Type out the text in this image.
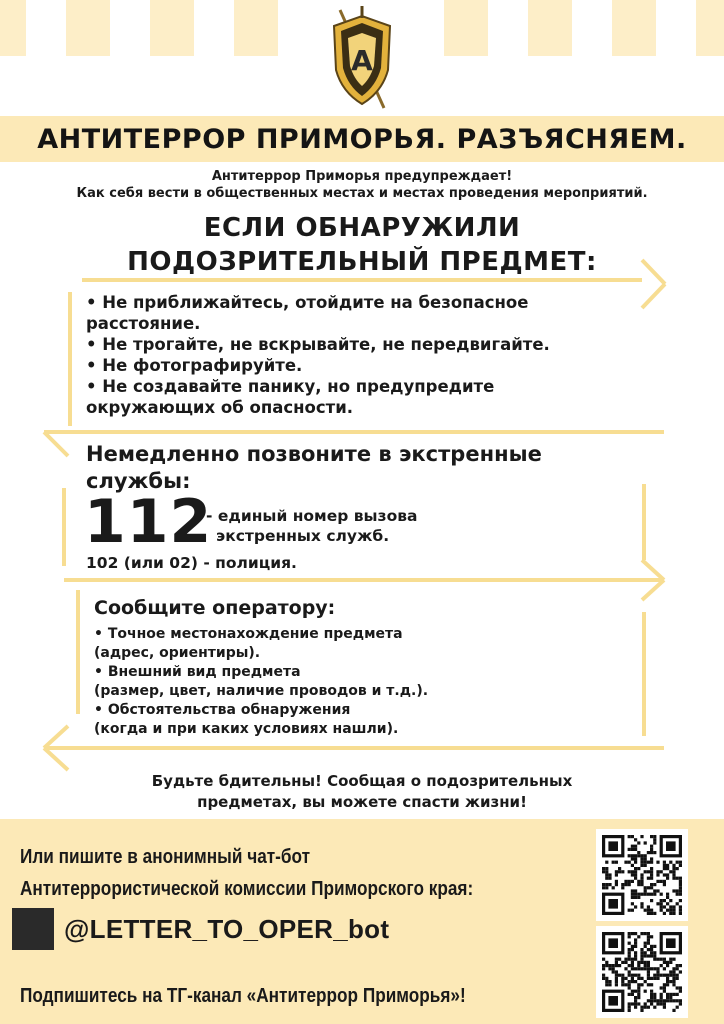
A
АНТИТЕРРОР ПРИМОРЬЯ. РАЗЪЯСНЯЕМ.
Антитеррор Приморья предупреждает!
Как себя вести в общественных местах и местах проведения мероприятий.
ЕСЛИ ОБНАРУЖИЛИ
ПОДОЗРИТЕЛЬНЫЙ ПРЕДМЕТ:
• Не приближайтесь, отойдите на безопасное
расстояние.
• Не трогайте, не вскрывайте, не передвигайте.
• Не фотографируйте.
• Не создавайте панику, но предупредите
окружающих об опасности.
Немедленно позвоните в экстренные
службы:
112
- единый номер вызова
экстренных служб.
102 (или 02) - полиция.
Сообщите оператору:
• Точное местонахождение предмета
(адрес, ориентиры).
• Внешний вид предмета
(размер, цвет, наличие проводов и т.д.).
• Обстоятельства обнаружения
(когда и при каких условиях нашли).
Будьте бдительны! Сообщая о подозрительных
предметах, вы можете спасти жизни!
Или пишите в анонимный чат-бот
Антитеррористической комиссии Приморского края:
@LETTER_TO_OPER_bot
Подпишитесь на ТГ-канал «Антитеррор Приморья»!
